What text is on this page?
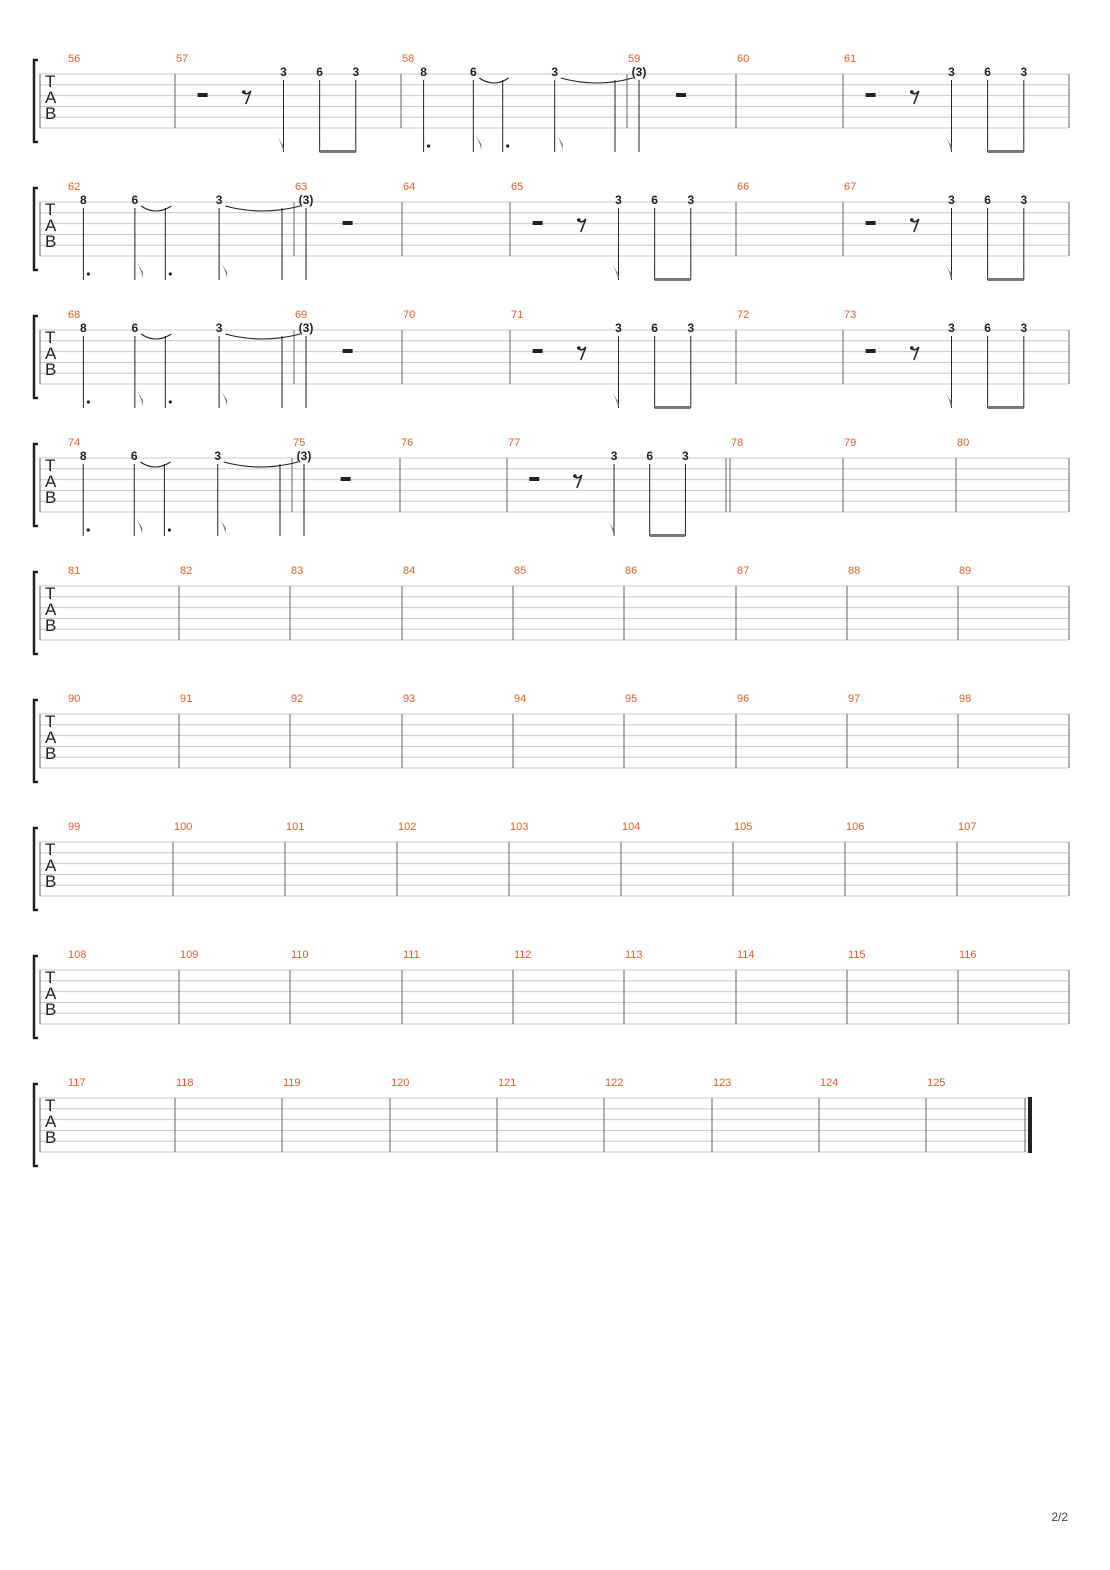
T
A
B
56	57
3 6 3
58
8	6	3
59
(3)
60	61
3 6 3
T
A
B
62
8	6	3
63
(3)
64	65
3 6 3
66	67
3 6 3
T
A
B
68
8	6	3
69
(3)
70	71
3 6 3
72	73
3 6 3
T
A
B
74
8	6	3
75
(3)
76	77
3 6 3
78	79	80
T
A
B
81	82	83	84	85	86	87	88	89
T
A
B
90	91	92	93	94	95	96	97	98
T
A
B
99	100	101	102	103	104	105	106	107
T
A
B
108	109	110	111	112	113	114	115	116
T
A
B
117	118	119	120	121	122	123	124	125
2/2
